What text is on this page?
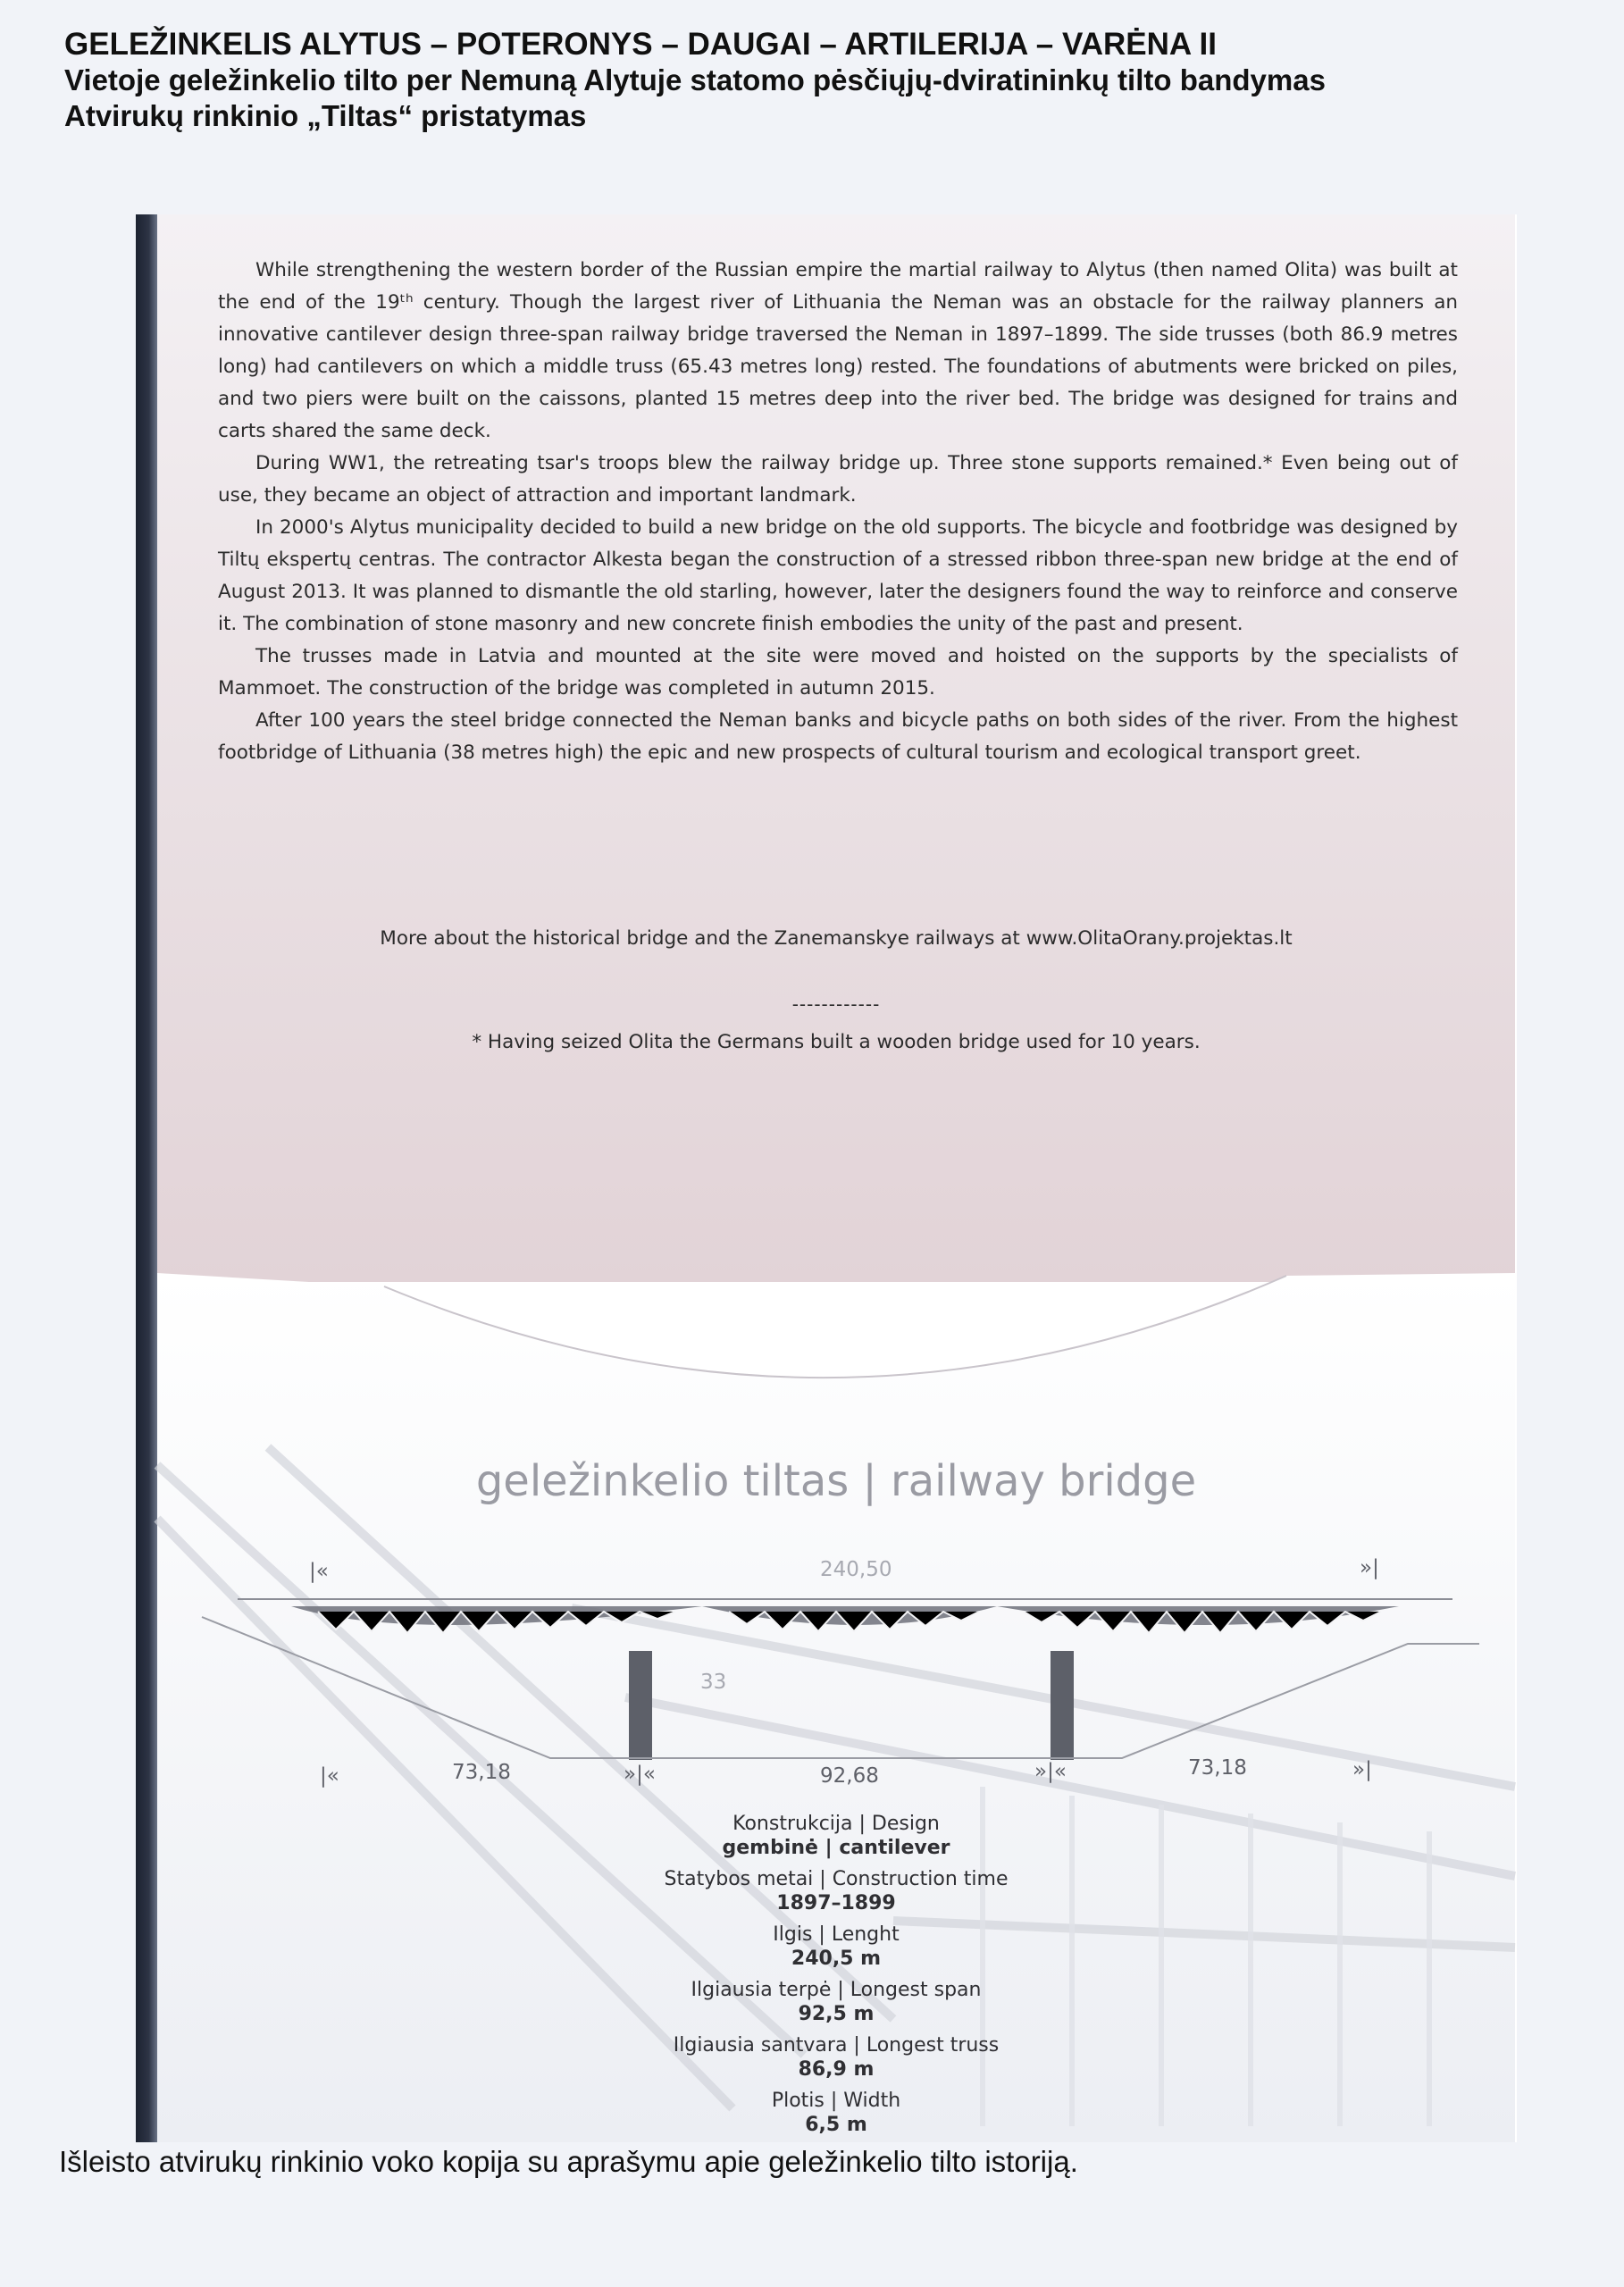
GELEŽINKELIS ALYTUS – POTERONYS – DAUGAI – ARTILERIJA – VARĖNA II

Vietoje geležinkelio tilto per Nemuną Alytuje statomo pėsčiųjų-dviratininkų tilto bandymas

Atvirukų rinkinio „Tiltas“ pristatymas

While strengthening the western border of the Russian empire the martial railway to Alytus (then named Olita) was built at the end of the 19ᵗʰ century. Though the largest river of Lithuania the Neman was an obstacle for the railway planners an innovative cantilever design three-span railway bridge traversed the Neman in 1897–1899. The side trusses (both 86.9 metres long) had cantilevers on which a middle truss (65.43 metres long) rested. The foundations of abutments were bricked on piles, and two piers were built on the caissons, planted 15 metres deep into the river bed. The bridge was designed for trains and carts shared the same deck.

During WW1, the retreating tsar's troops blew the railway bridge up. Three stone supports remained.* Even being out of use, they became an object of attraction and important landmark.

In 2000's Alytus municipality decided to build a new bridge on the old supports. The bicycle and footbridge was designed by Tiltų ekspertų centras. The contractor Alkesta began the construction of a stressed ribbon three-span new bridge at the end of August 2013. It was planned to dismantle the old starling, however, later the designers found the way to reinforce and conserve it. The combination of stone masonry and new concrete finish embodies the unity of the past and present.

The trusses made in Latvia and mounted at the site were moved and hoisted on the supports by the specialists of Mammoet. The construction of the bridge was completed in autumn 2015.

After 100 years the steel bridge connected the Neman banks and bicycle paths on both sides of the river. From the highest footbridge of Lithuania (38 metres high) the epic and new prospects of cultural tourism and ecological transport greet.

More about the historical bridge and the Zanemanskye railways at www.OlitaOrany.projektas.lt
------------
* Having seized Olita the Germans built a wooden bridge used for 10 years.
geležinkelio tiltas | railway bridge
|«	240,50	»|
33
|«	73,18	»|«	92,68	»|«	73,18	»|
Konstrukcija | Design
gembinė | cantilever
Statybos metai | Construction time
1897–1899
Ilgis | Lenght
240,5 m
Ilgiausia terpė | Longest span
92,5 m
Ilgiausia santvara | Longest truss
86,9 m
Plotis | Width
6,5 m
Išleisto atvirukų rinkinio voko kopija su aprašymu apie geležinkelio tilto istoriją.
